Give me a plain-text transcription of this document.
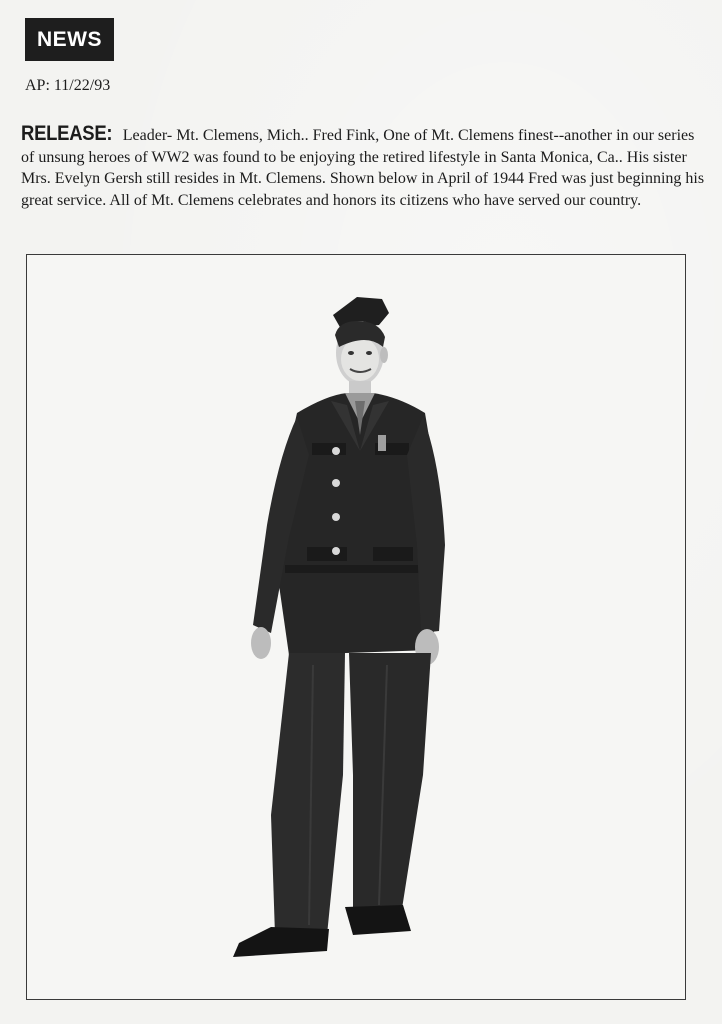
NEWS
AP: 11/22/93
RELEASE: Leader- Mt. Clemens, Mich.. Fred Fink, One of Mt. Clemens finest--another in our series of unsung heroes of WW2 was found to be enjoying the retired lifestyle in Santa Monica, Ca.. His sister Mrs. Evelyn Gersh still resides in Mt. Clemens. Shown below in April of 1944 Fred was just beginning his great service. All of Mt. Clemens celebrates and honors its citizens who have served our country.
